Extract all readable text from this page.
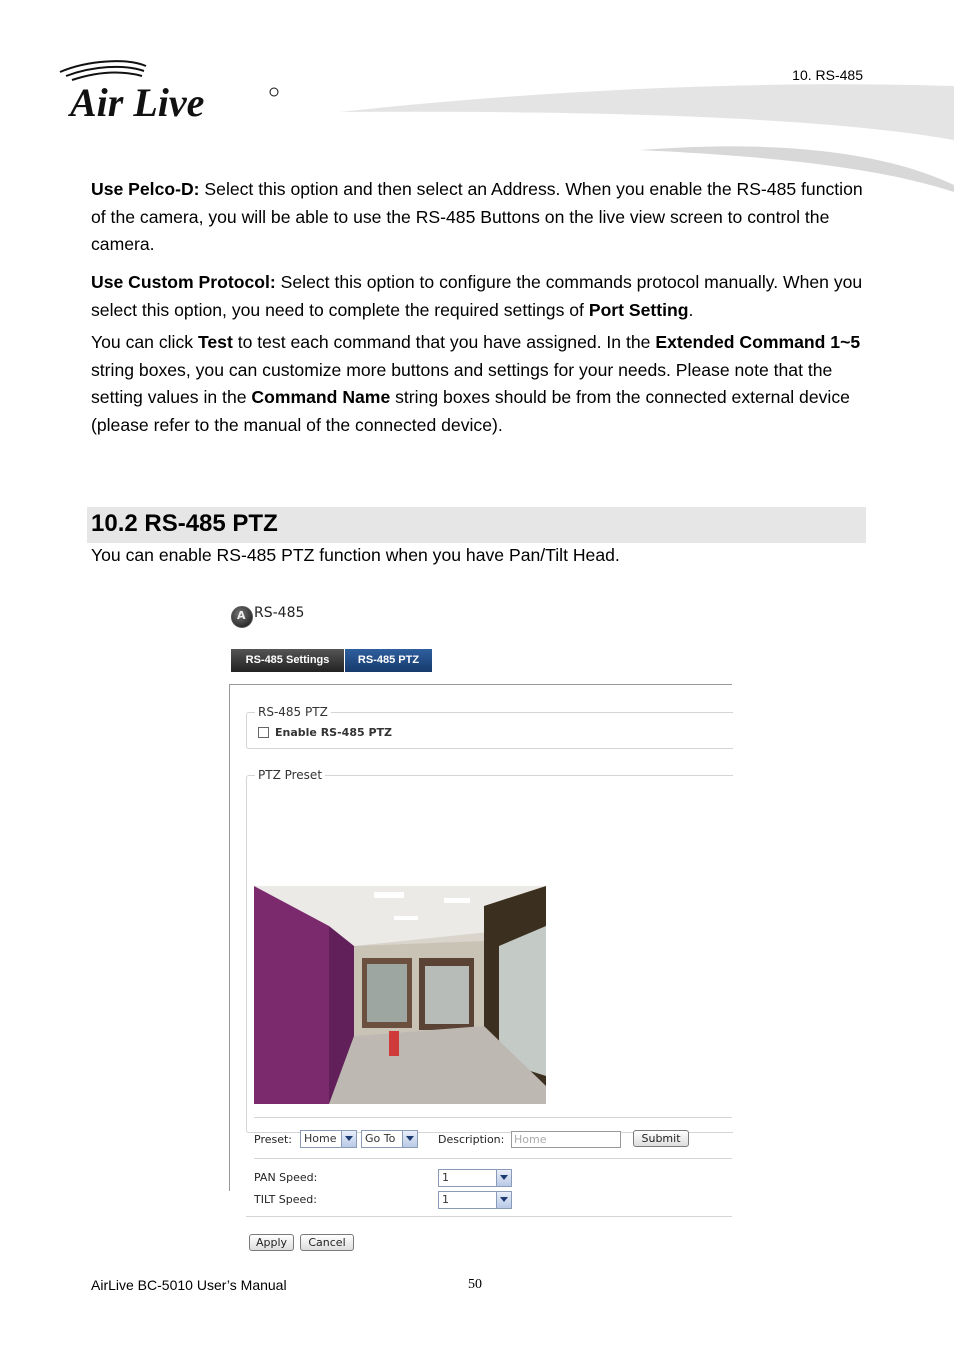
Air Live
10. RS-485
Use Pelco-D: Select this option and then select an Address. When you enable the RS-485 function of the camera, you will be able to use the RS-485 Buttons on the live view screen to control the camera.
Use Custom Protocol: Select this option to configure the commands protocol manually. When you select this option, you need to complete the required settings of Port Setting.
You can click Test to test each command that you have assigned. In the Extended Command 1~5 string boxes, you can customize more buttons and settings for your needs. Please note that the setting values in the Command Name string boxes should be from the connected external device (please refer to the manual of the connected device).
10.2 RS-485 PTZ
You can enable RS-485 PTZ function when you have Pan/Tilt Head.
A RS-485
RS-485 Settings	RS-485 PTZ
RS-485 PTZ
Enable RS-485 PTZ
PTZ Preset
Preset: Home	Go To	Description: Home	Submit
PAN Speed:	1
TILT Speed:	1
Apply	Cancel
AirLive BC-5010 User’s Manual	50
